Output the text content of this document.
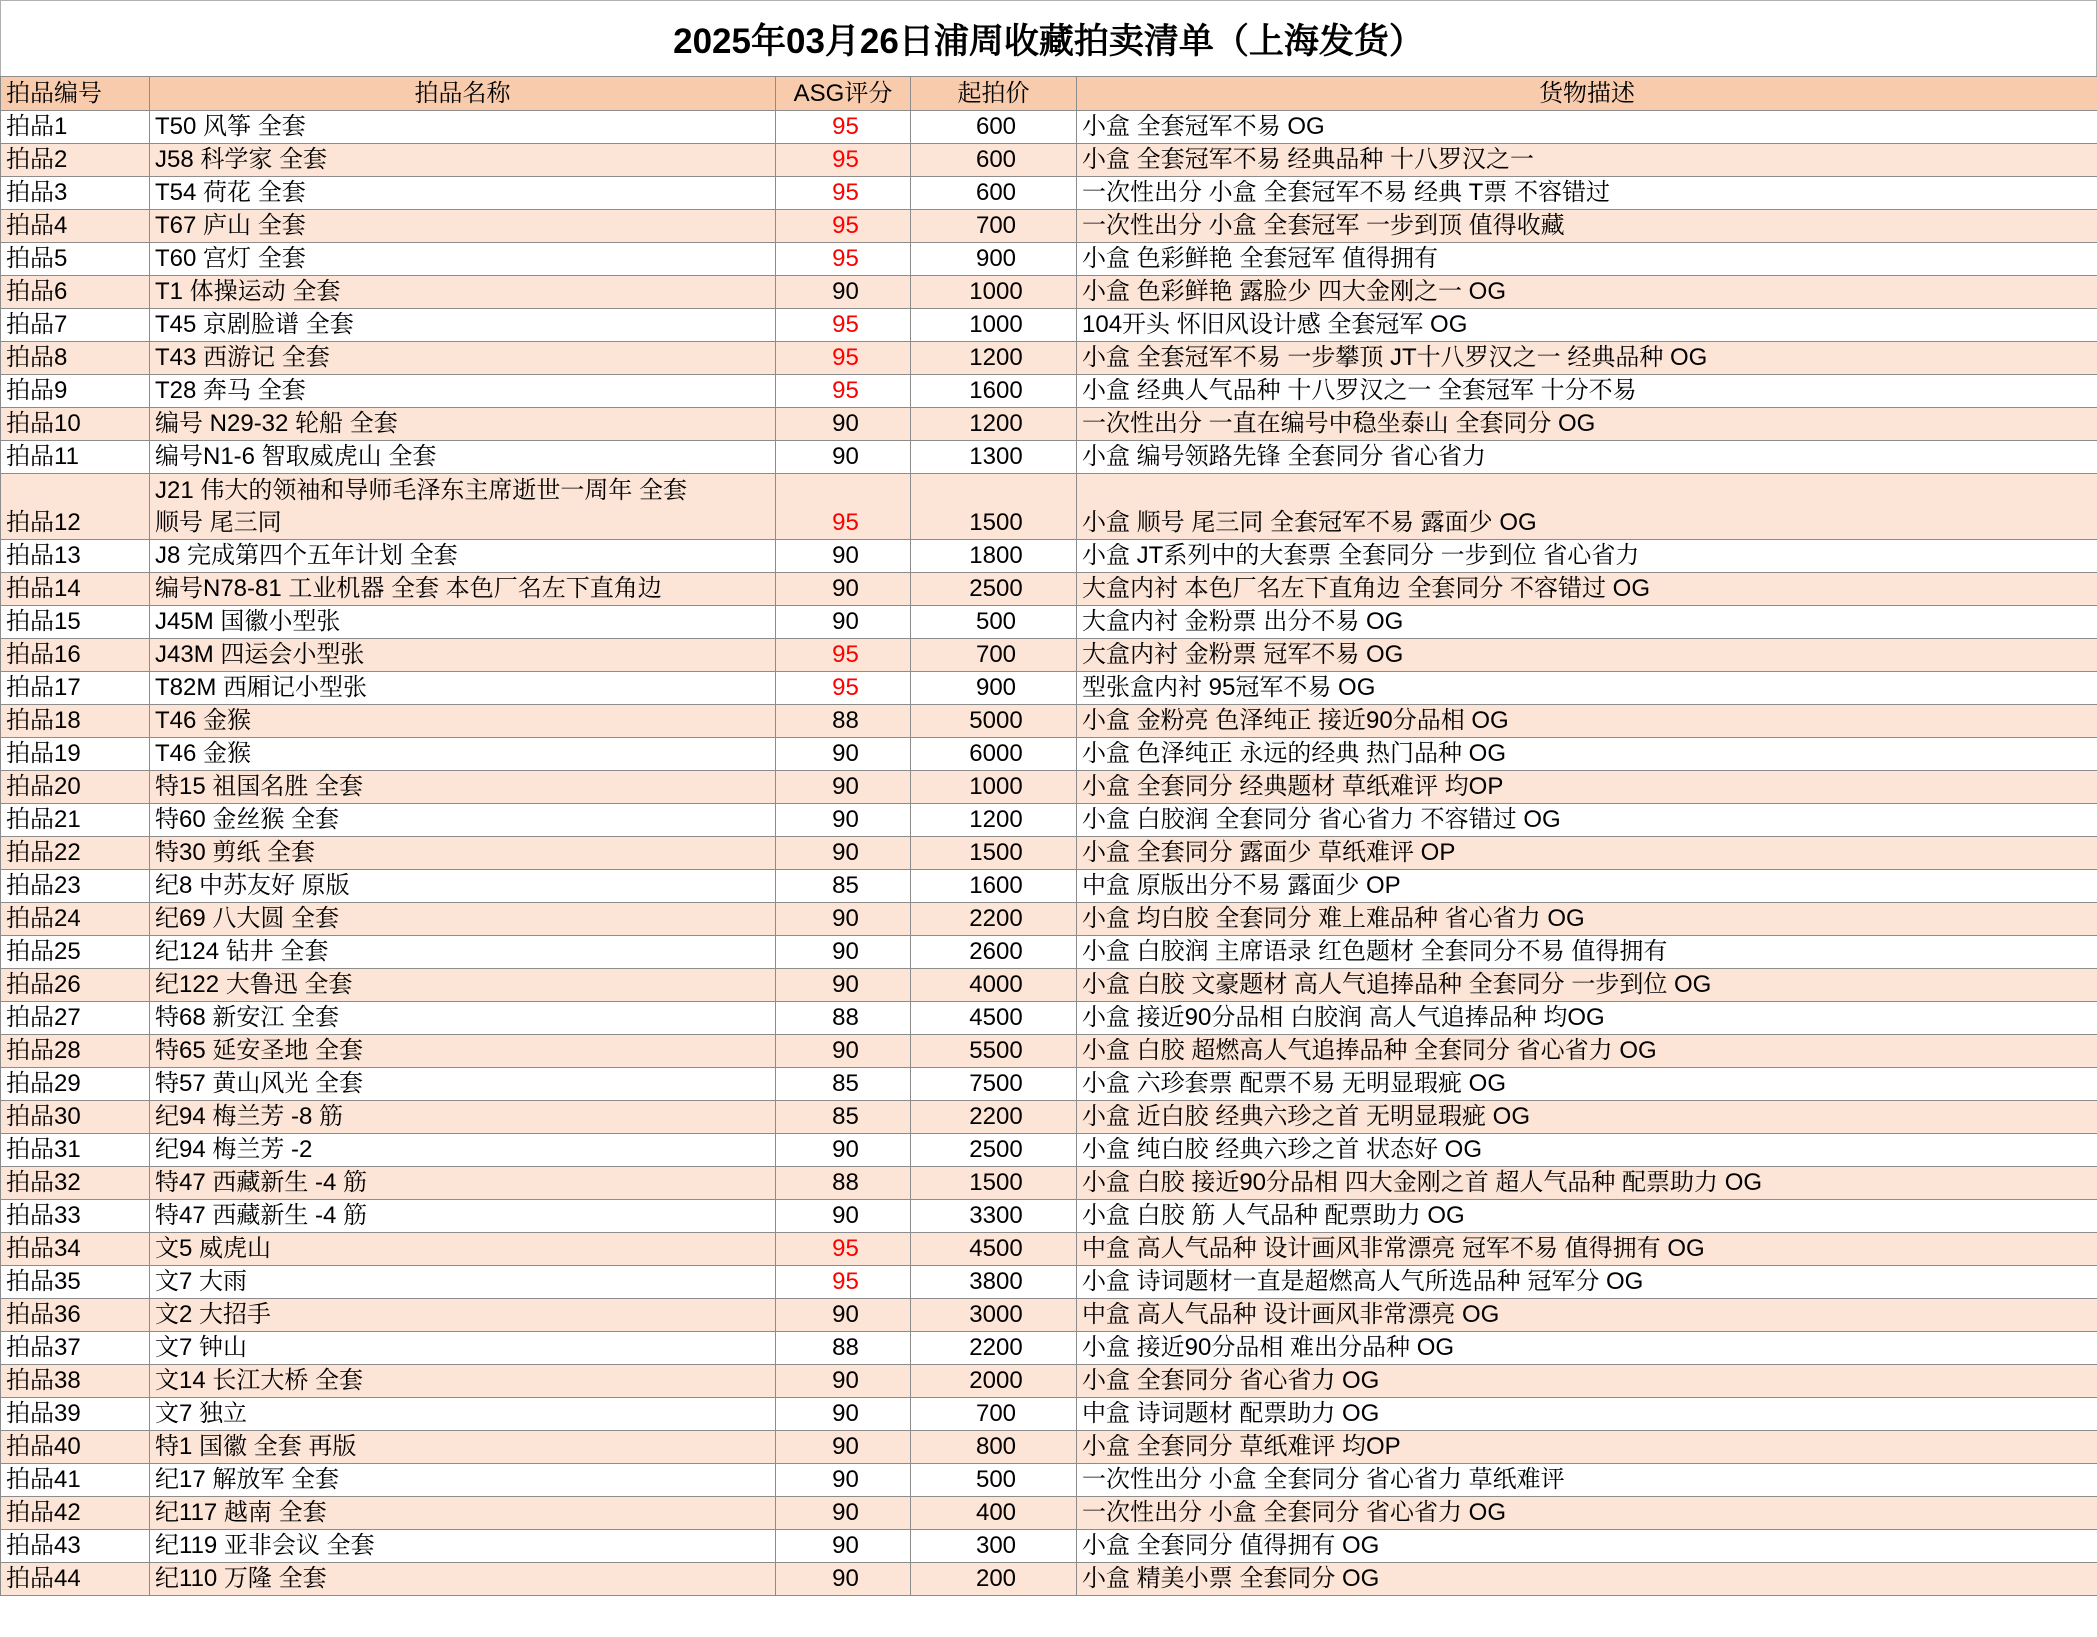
2025年03月26日浦周收藏拍卖清单（上海发货）
拍品编号	拍品名称	ASG评分	起拍价	货物描述
拍品1	T50 风筝 全套	95	600	小盒 全套冠军不易 OG
拍品2	J58 科学家 全套	95	600	小盒 全套冠军不易 经典品种 十八罗汉之一
拍品3	T54 荷花 全套	95	600	一次性出分 小盒 全套冠军不易 经典 T票 不容错过
拍品4	T67 庐山 全套	95	700	一次性出分 小盒 全套冠军 一步到顶 值得收藏
拍品5	T60 宫灯 全套	95	900	小盒 色彩鲜艳 全套冠军 值得拥有
拍品6	T1 体操运动 全套	90	1000	小盒 色彩鲜艳 露脸少 四大金刚之一 OG
拍品7	T45 京剧脸谱 全套	95	1000	104开头 怀旧风设计感 全套冠军 OG
拍品8	T43 西游记 全套	95	1200	小盒 全套冠军不易 一步攀顶 JT十八罗汉之一 经典品种 OG
拍品9	T28 奔马 全套	95	1600	小盒 经典人气品种 十八罗汉之一 全套冠军 十分不易
拍品10	编号 N29-32 轮船 全套	90	1200	一次性出分 一直在编号中稳坐泰山 全套同分 OG
拍品11	编号N1-6 智取威虎山 全套	90	1300	小盒 编号领路先锋 全套同分 省心省力
拍品12	J21 伟大的领袖和导师毛泽东主席逝世一周年 全套
顺号 尾三同	95	1500	小盒 顺号 尾三同 全套冠军不易 露面少 OG
拍品13	J8 完成第四个五年计划 全套	90	1800	小盒 JT系列中的大套票 全套同分 一步到位 省心省力
拍品14	编号N78-81 工业机器 全套 本色厂名左下直角边	90	2500	大盒内衬 本色厂名左下直角边 全套同分 不容错过 OG
拍品15	J45M 国徽小型张	90	500	大盒内衬 金粉票 出分不易 OG
拍品16	J43M 四运会小型张	95	700	大盒内衬 金粉票 冠军不易 OG
拍品17	T82M 西厢记小型张	95	900	型张盒内衬 95冠军不易 OG
拍品18	T46 金猴	88	5000	小盒 金粉亮 色泽纯正 接近90分品相 OG
拍品19	T46 金猴	90	6000	小盒 色泽纯正 永远的经典 热门品种 OG
拍品20	特15 祖国名胜 全套	90	1000	小盒 全套同分 经典题材 草纸难评 均OP
拍品21	特60 金丝猴 全套	90	1200	小盒 白胶润 全套同分 省心省力 不容错过 OG
拍品22	特30 剪纸 全套	90	1500	小盒 全套同分 露面少 草纸难评 OP
拍品23	纪8 中苏友好 原版	85	1600	中盒 原版出分不易 露面少 OP
拍品24	纪69 八大圆 全套	90	2200	小盒 均白胶 全套同分 难上难品种 省心省力 OG
拍品25	纪124 钻井 全套	90	2600	小盒 白胶润 主席语录 红色题材 全套同分不易 值得拥有
拍品26	纪122 大鲁迅 全套	90	4000	小盒 白胶 文豪题材 高人气追捧品种 全套同分 一步到位 OG
拍品27	特68 新安江 全套	88	4500	小盒 接近90分品相 白胶润 高人气追捧品种 均OG
拍品28	特65 延安圣地 全套	90	5500	小盒 白胶 超燃高人气追捧品种 全套同分 省心省力 OG
拍品29	特57 黄山风光 全套	85	7500	小盒 六珍套票 配票不易 无明显瑕疵 OG
拍品30	纪94 梅兰芳 -8 筋	85	2200	小盒 近白胶 经典六珍之首 无明显瑕疵 OG
拍品31	纪94 梅兰芳 -2	90	2500	小盒 纯白胶 经典六珍之首 状态好 OG
拍品32	特47 西藏新生 -4 筋	88	1500	小盒 白胶 接近90分品相 四大金刚之首 超人气品种 配票助力 OG
拍品33	特47 西藏新生 -4 筋	90	3300	小盒 白胶 筋 人气品种 配票助力 OG
拍品34	文5 威虎山	95	4500	中盒 高人气品种 设计画风非常漂亮 冠军不易 值得拥有 OG
拍品35	文7 大雨	95	3800	小盒 诗词题材一直是超燃高人气所选品种 冠军分 OG
拍品36	文2 大招手	90	3000	中盒 高人气品种 设计画风非常漂亮 OG
拍品37	文7 钟山	88	2200	小盒 接近90分品相 难出分品种 OG
拍品38	文14 长江大桥 全套	90	2000	小盒 全套同分 省心省力 OG
拍品39	文7 独立	90	700	中盒 诗词题材 配票助力 OG
拍品40	特1 国徽 全套 再版	90	800	小盒 全套同分 草纸难评 均OP
拍品41	纪17 解放军 全套	90	500	一次性出分 小盒 全套同分 省心省力 草纸难评
拍品42	纪117 越南 全套	90	400	一次性出分 小盒 全套同分 省心省力 OG
拍品43	纪119 亚非会议 全套	90	300	小盒 全套同分 值得拥有 OG
拍品44	纪110 万隆 全套	90	200	小盒 精美小票 全套同分 OG
